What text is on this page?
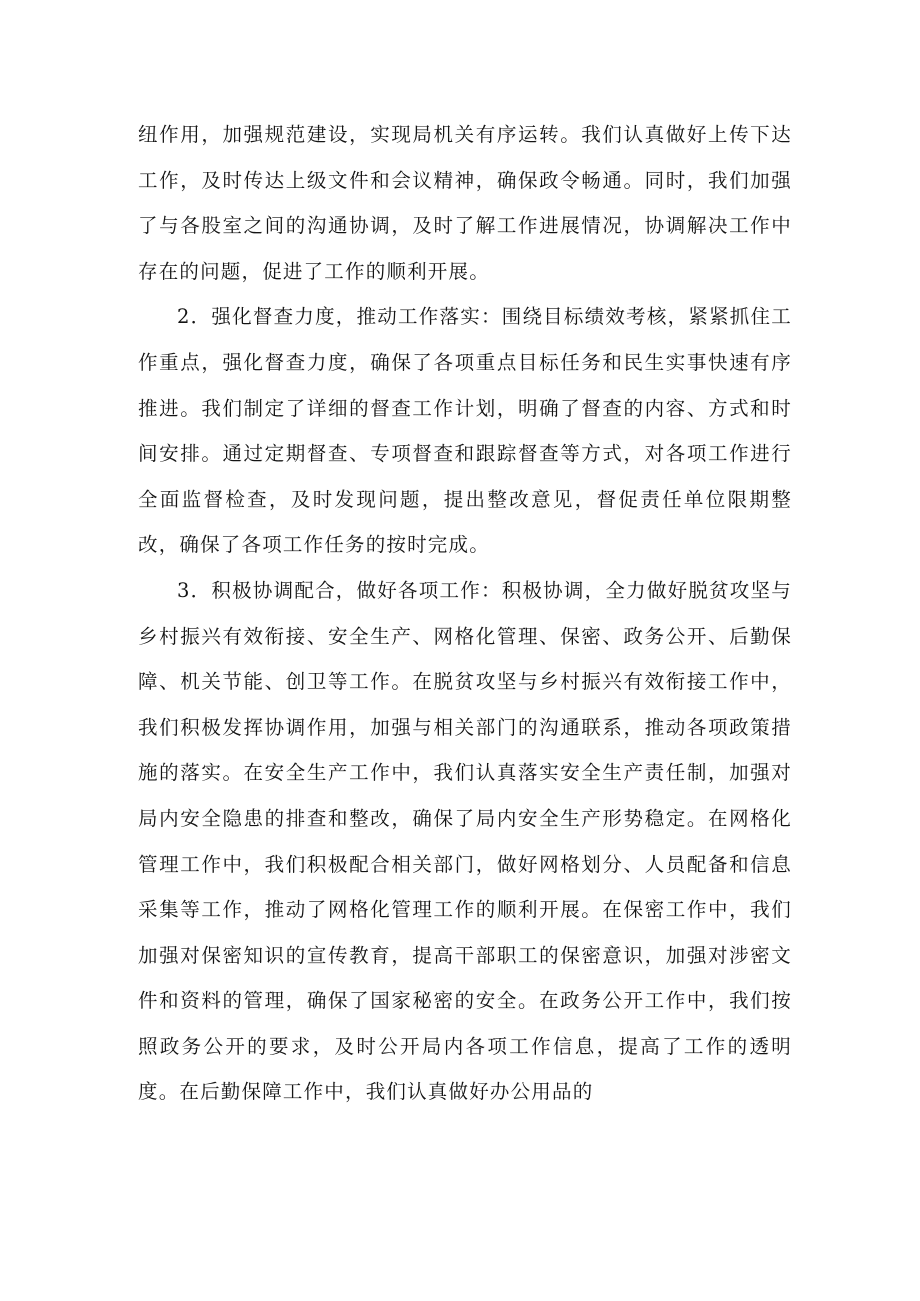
纽作用，加强规范建设，实现局机关有序运转。我们认真做好上传下达工作，及时传达上级文件和会议精神，确保政令畅通。同时，我们加强了与各股室之间的沟通协调，及时了解工作进展情况，协调解决工作中存在的问题，促进了工作的顺利开展。

2．强化督查力度，推动工作落实：围绕目标绩效考核，紧紧抓住工作重点，强化督查力度，确保了各项重点目标任务和民生实事快速有序推进。我们制定了详细的督查工作计划，明确了督查的内容、方式和时间安排。通过定期督查、专项督查和跟踪督查等方式，对各项工作进行全面监督检查，及时发现问题，提出整改意见，督促责任单位限期整改，确保了各项工作任务的按时完成。

3．积极协调配合，做好各项工作：积极协调，全力做好脱贫攻坚与乡村振兴有效衔接、安全生产、网格化管理、保密、政务公开、后勤保障、机关节能、创卫等工作。在脱贫攻坚与乡村振兴有效衔接工作中，我们积极发挥协调作用，加强与相关部门的沟通联系，推动各项政策措施的落实。在安全生产工作中，我们认真落实安全生产责任制，加强对局内安全隐患的排查和整改，确保了局内安全生产形势稳定。在网格化管理工作中，我们积极配合相关部门，做好网格划分、人员配备和信息采集等工作，推动了网格化管理工作的顺利开展。在保密工作中，我们加强对保密知识的宣传教育，提高干部职工的保密意识，加强对涉密文件和资料的管理，确保了国家秘密的安全。在政务公开工作中，我们按照政务公开的要求，及时公开局内各项工作信息，提高了工作的透明度。在后勤保障工作中，我们认真做好办公用品的
